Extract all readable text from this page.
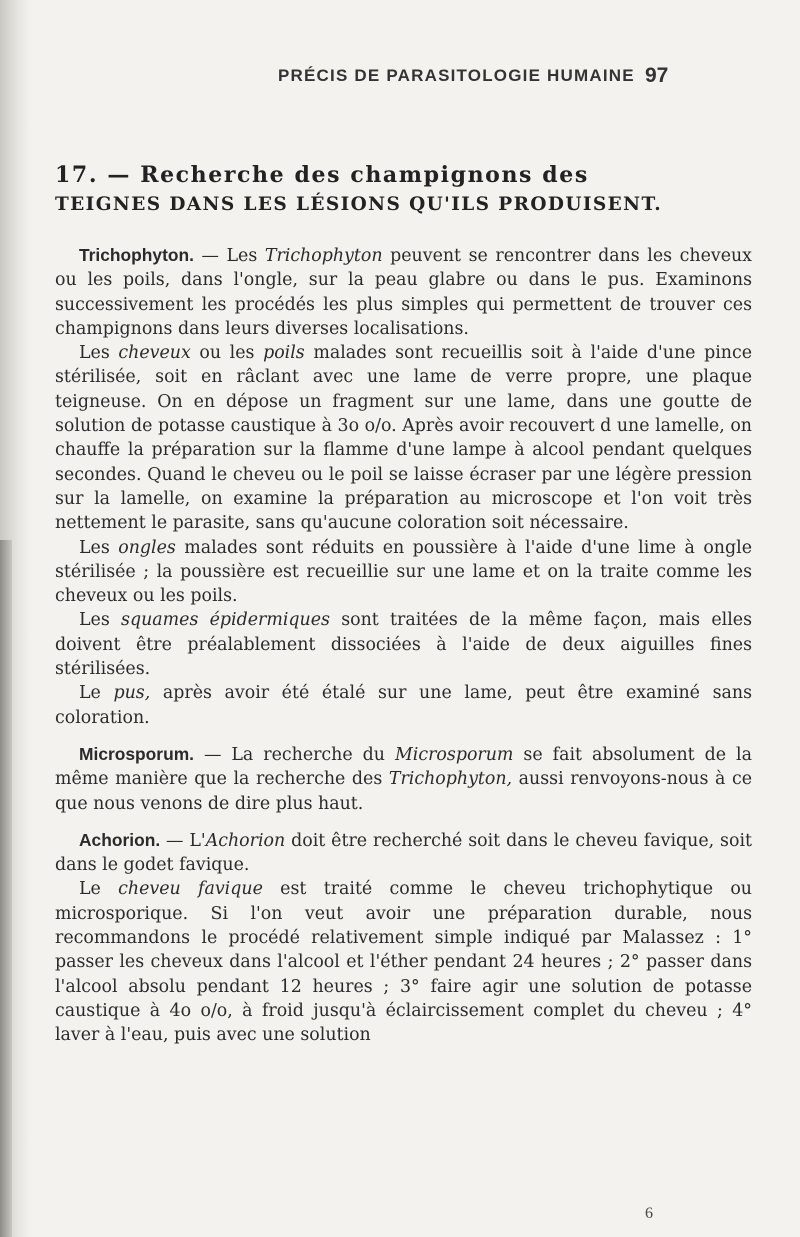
PRÉCIS DE PARASITOLOGIE HUMAINE 97
17. — Recherche des champignons des
TEIGNES DANS LES LÉSIONS QU'ILS PRODUISENT.

Trichophyton. — Les Trichophyton peuvent se rencontrer dans les cheveux ou les poils, dans l'ongle, sur la peau glabre ou dans le pus. Examinons successivement les procédés les plus simples qui permettent de trouver ces champignons dans leurs diverses localisations.

Les cheveux ou les poils malades sont recueillis soit à l'aide d'une pince stérilisée, soit en râclant avec une lame de verre propre, une plaque teigneuse. On en dépose un fragment sur une lame, dans une goutte de solution de potasse caustique à 3o o/o. Après avoir recouvert d une lamelle, on chauffe la préparation sur la flamme d'une lampe à alcool pendant quelques secondes. Quand le cheveu ou le poil se laisse écraser par une légère pression sur la lamelle, on examine la préparation au microscope et l'on voit très nettement le parasite, sans qu'aucune coloration soit nécessaire.

Les ongles malades sont réduits en poussière à l'aide d'une lime à ongle stérilisée ; la poussière est recueillie sur une lame et on la traite comme les cheveux ou les poils.

Les squames épidermiques sont traitées de la même façon, mais elles doivent être préalablement dissociées à l'aide de deux aiguilles fines stérilisées.

Le pus, après avoir été étalé sur une lame, peut être examiné sans coloration.

Microsporum. — La recherche du Microsporum se fait absolument de la même manière que la recherche des Trichophyton, aussi renvoyons-nous à ce que nous venons de dire plus haut.

Achorion. — L'Achorion doit être recherché soit dans le cheveu favique, soit dans le godet favique.

Le cheveu favique est traité comme le cheveu trichophytique ou microsporique. Si l'on veut avoir une préparation durable, nous recommandons le procédé relativement simple indiqué par Malassez : 1° passer les cheveux dans l'alcool et l'éther pendant 24 heures ; 2° passer dans l'alcool absolu pendant 12 heures ; 3° faire agir une solution de potasse caustique à 4o o/o, à froid jusqu'à éclaircissement complet du cheveu ; 4° laver à l'eau, puis avec une solution

6
